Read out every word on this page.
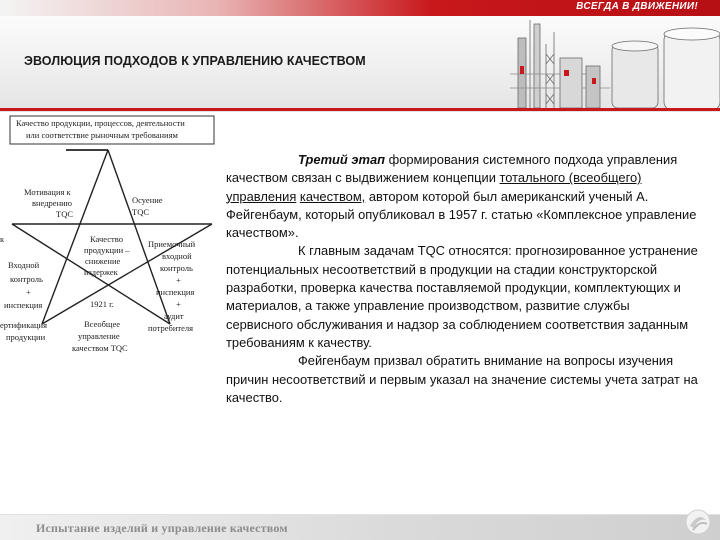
ВСЕГДА В ДВИЖЕНИИ!
ЭВОЛЮЦИЯ ПОДХОДОВ К УПРАВЛЕНИЮ КАЧЕСТВОМ
Качество продукции, процессов, деятельности
или соответствие рыночным требованиям
Мотивация к
внедрению
TQC
Осуение
TQC
Качество
продукции –
снижение
издержек
1921 г.
Всеобщее
управление
качеством TQC
к
Входной
контроль
+
инспекция
ертификация
продукции
Приемочный
входной
контроль
+
инспекция
+
аудит
потребителя

Третий этап формирования системного подхода управления качеством связан с выдвижением концепции тотального (всеобщего) управления качеством, автором которой был американский ученый А. Фейгенбаум, который опубликовал в 1957 г. статью «Комплексное управление качеством».

К главным задачам TQC относятся: прогнозированное устранение потенциальных несоответствий в продукции на стадии конструкторской разработки, проверка качества поставляемой продукции, комплектующих и материалов, а также управление производством, развитие службы сервисного обслуживания и надзор за соблюдением соответствия заданным требованиям к качеству.

Фейгенбаум призвал обратить внимание на вопросы изучения причин несоответствий и первым указал на значение системы учета затрат на качество.

Испытание изделий и управление качеством
